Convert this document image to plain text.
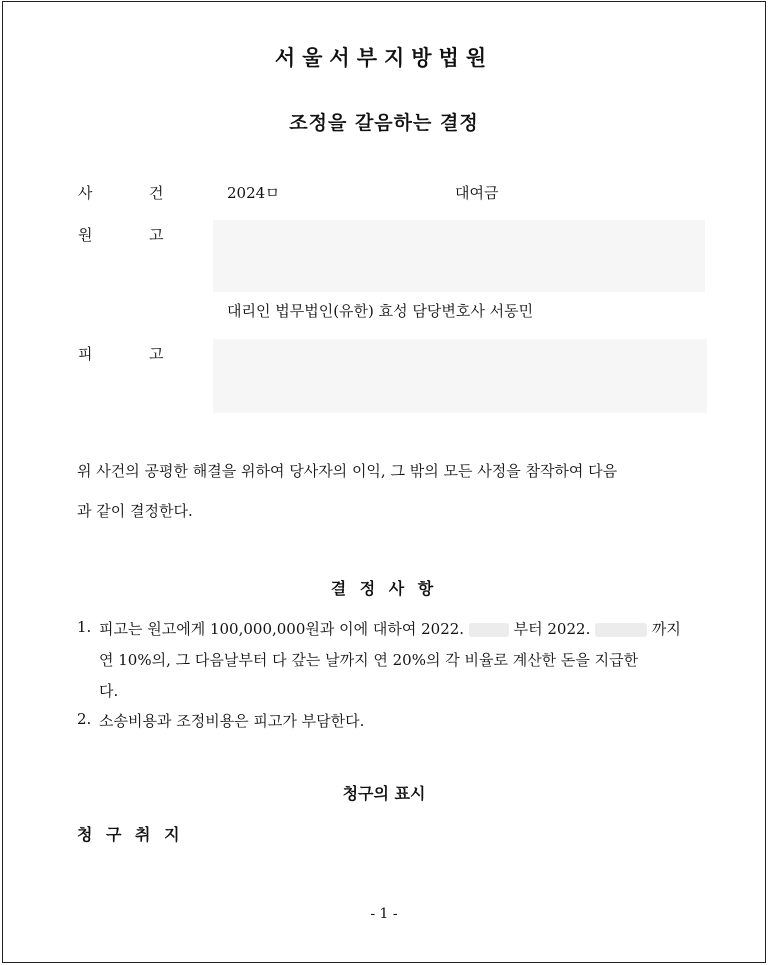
서울서부지방법원
조정을 갈음하는 결정
사	건	2024ㅁ	대여금
원	고
대리인 법무법인(유한) 효성 담당변호사 서동민
피	고
위 사건의 공평한 해결을 위하여 당사자의 이익, 그 밖의 모든 사정을 참작하여 다음
과 같이 결정한다.
결 정 사 항
1. 피고는 원고에게 100,000,000원과 이에 대하여 2022.	부터 2022.	까지
연 10%의, 그 다음날부터 다 갚는 날까지 연 20%의 각 비율로 계산한 돈을 지급한
다.
2. 소송비용과 조정비용은 피고가 부담한다.
청구의 표시
청 구 취 지
- 1 -
